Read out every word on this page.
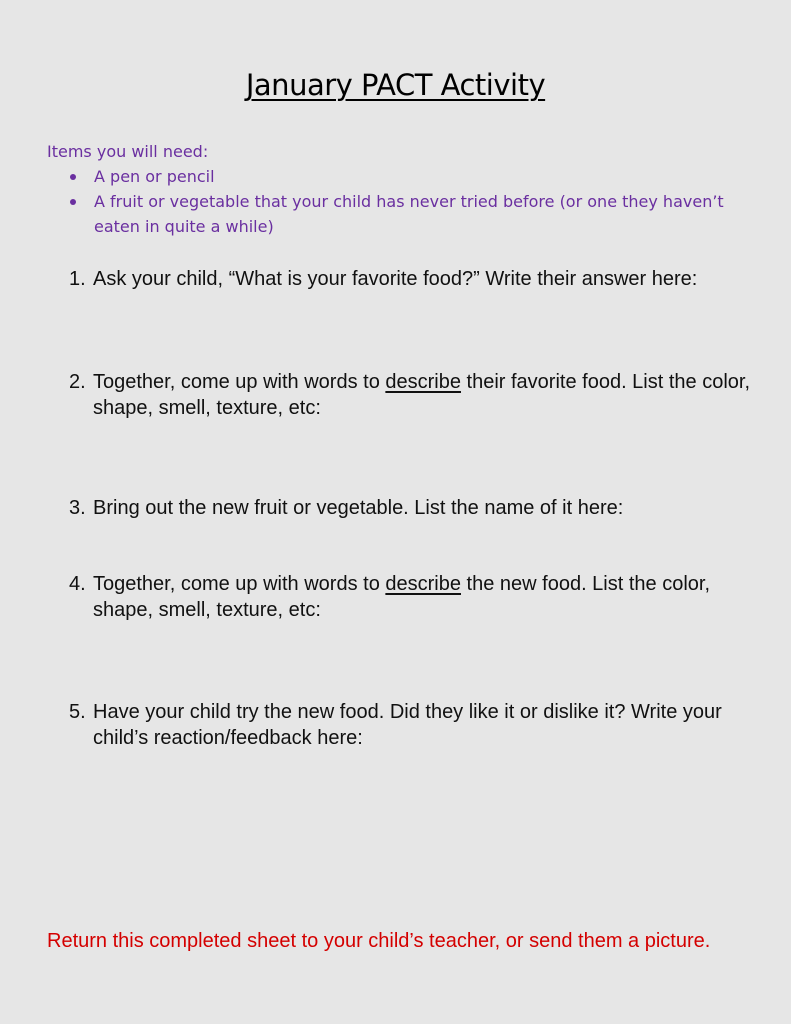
January PACT Activity

Items you will need:

A pen or pencil
A fruit or vegetable that your child has never tried before (or one they haven’t eaten in quite a while)
1. Ask your child, “What is your favorite food?” Write their answer here:
2. Together, come up with words to describe their favorite food. List the color, shape, smell, texture, etc:
3. Bring out the new fruit or vegetable. List the name of it here:
4. Together, come up with words to describe the new food. List the color, shape, smell, texture, etc:
5. Have your child try the new food. Did they like it or dislike it? Write your child’s reaction/feedback here:
Return this completed sheet to your child’s teacher, or send them a picture.
